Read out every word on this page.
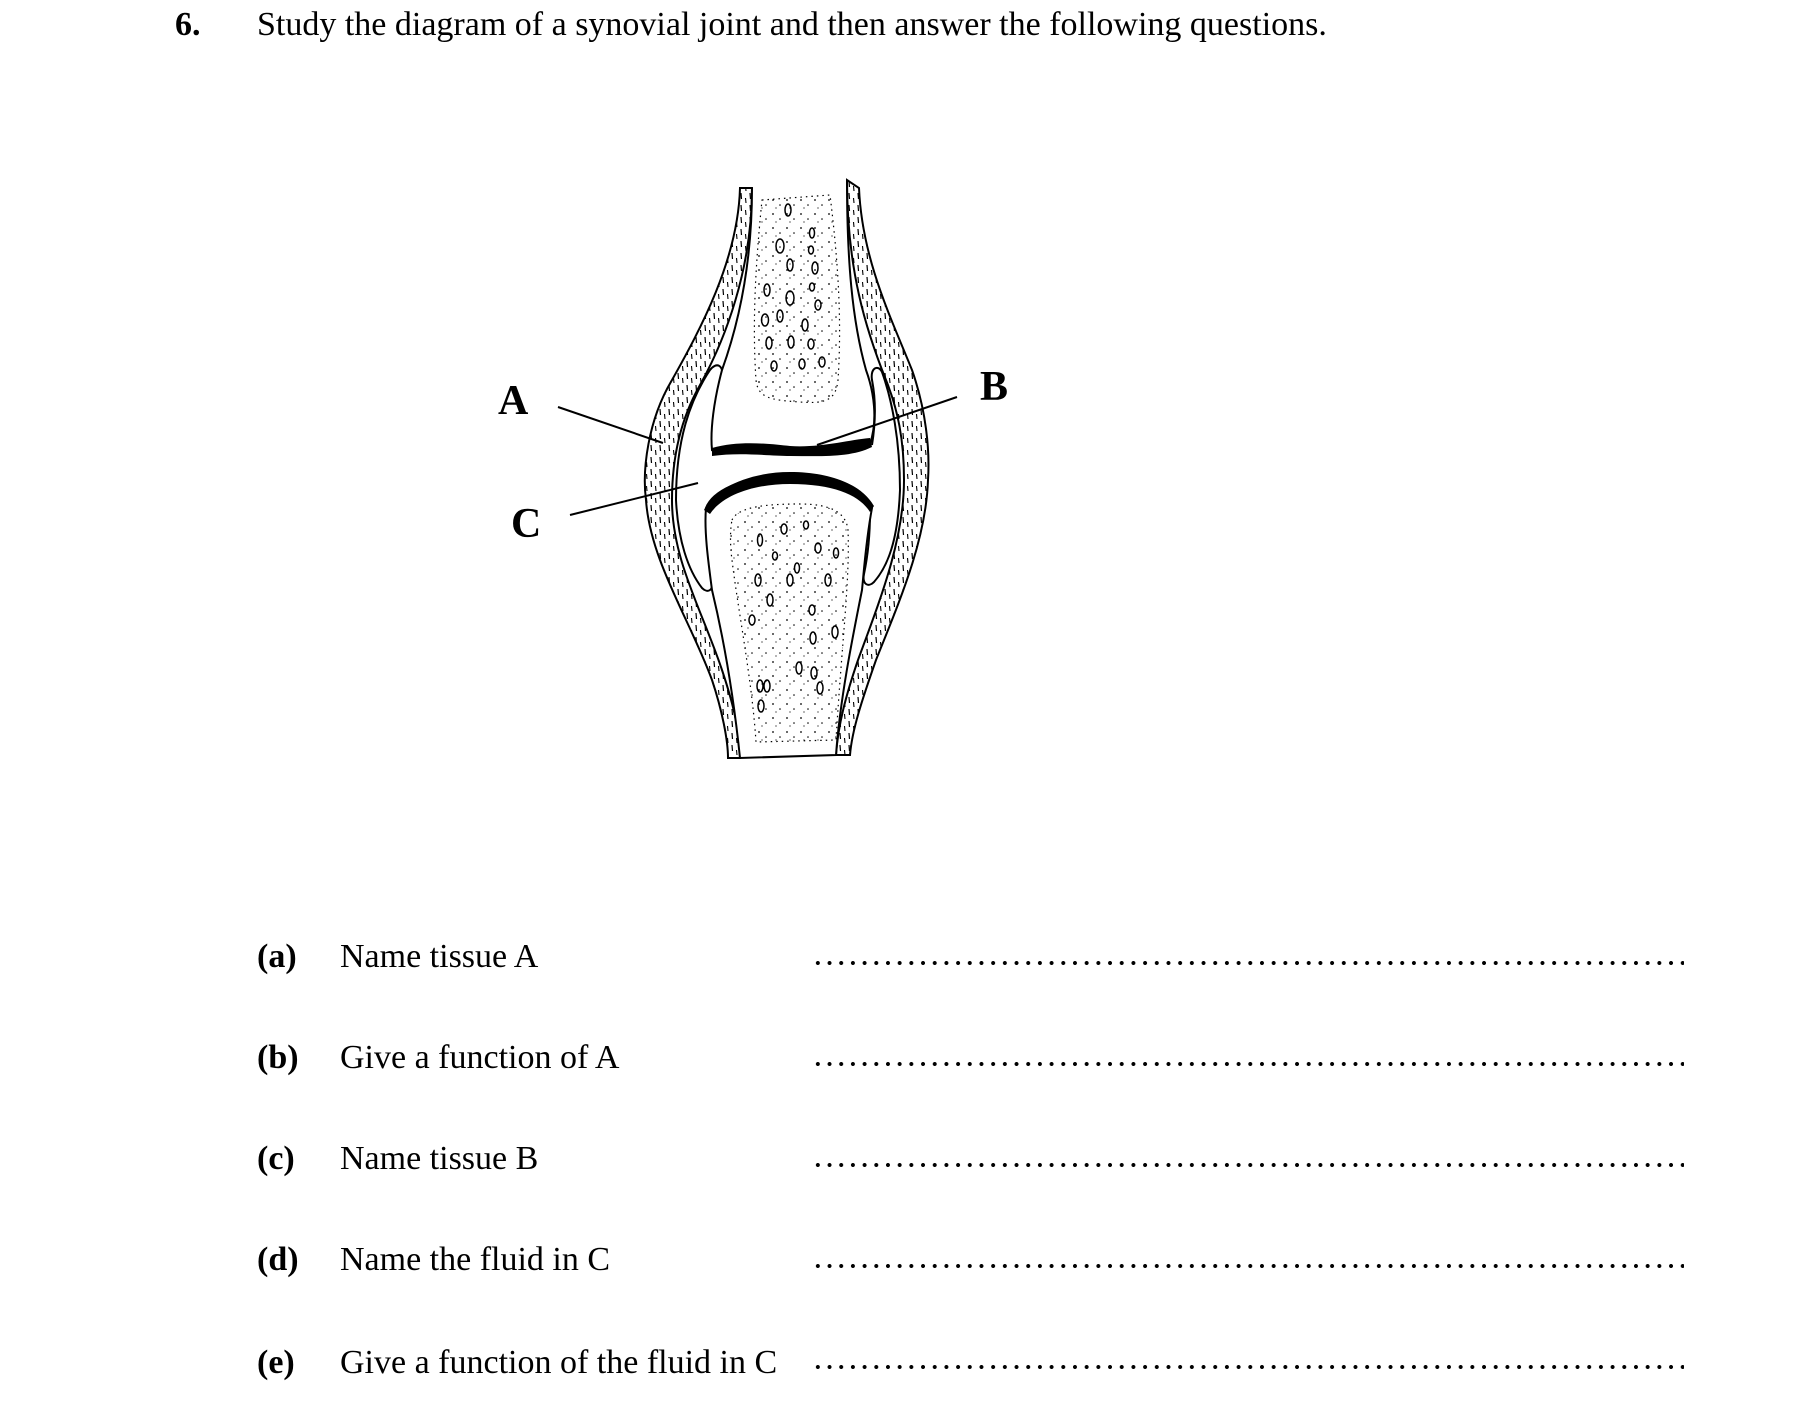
6. Study the diagram of a synovial joint and then answer the following questions.
A	B
C
(a) Name tissue A
(b) Give a function of A
(c) Name tissue B
(d) Name the fluid in C
(e) Give a function of the fluid in C
